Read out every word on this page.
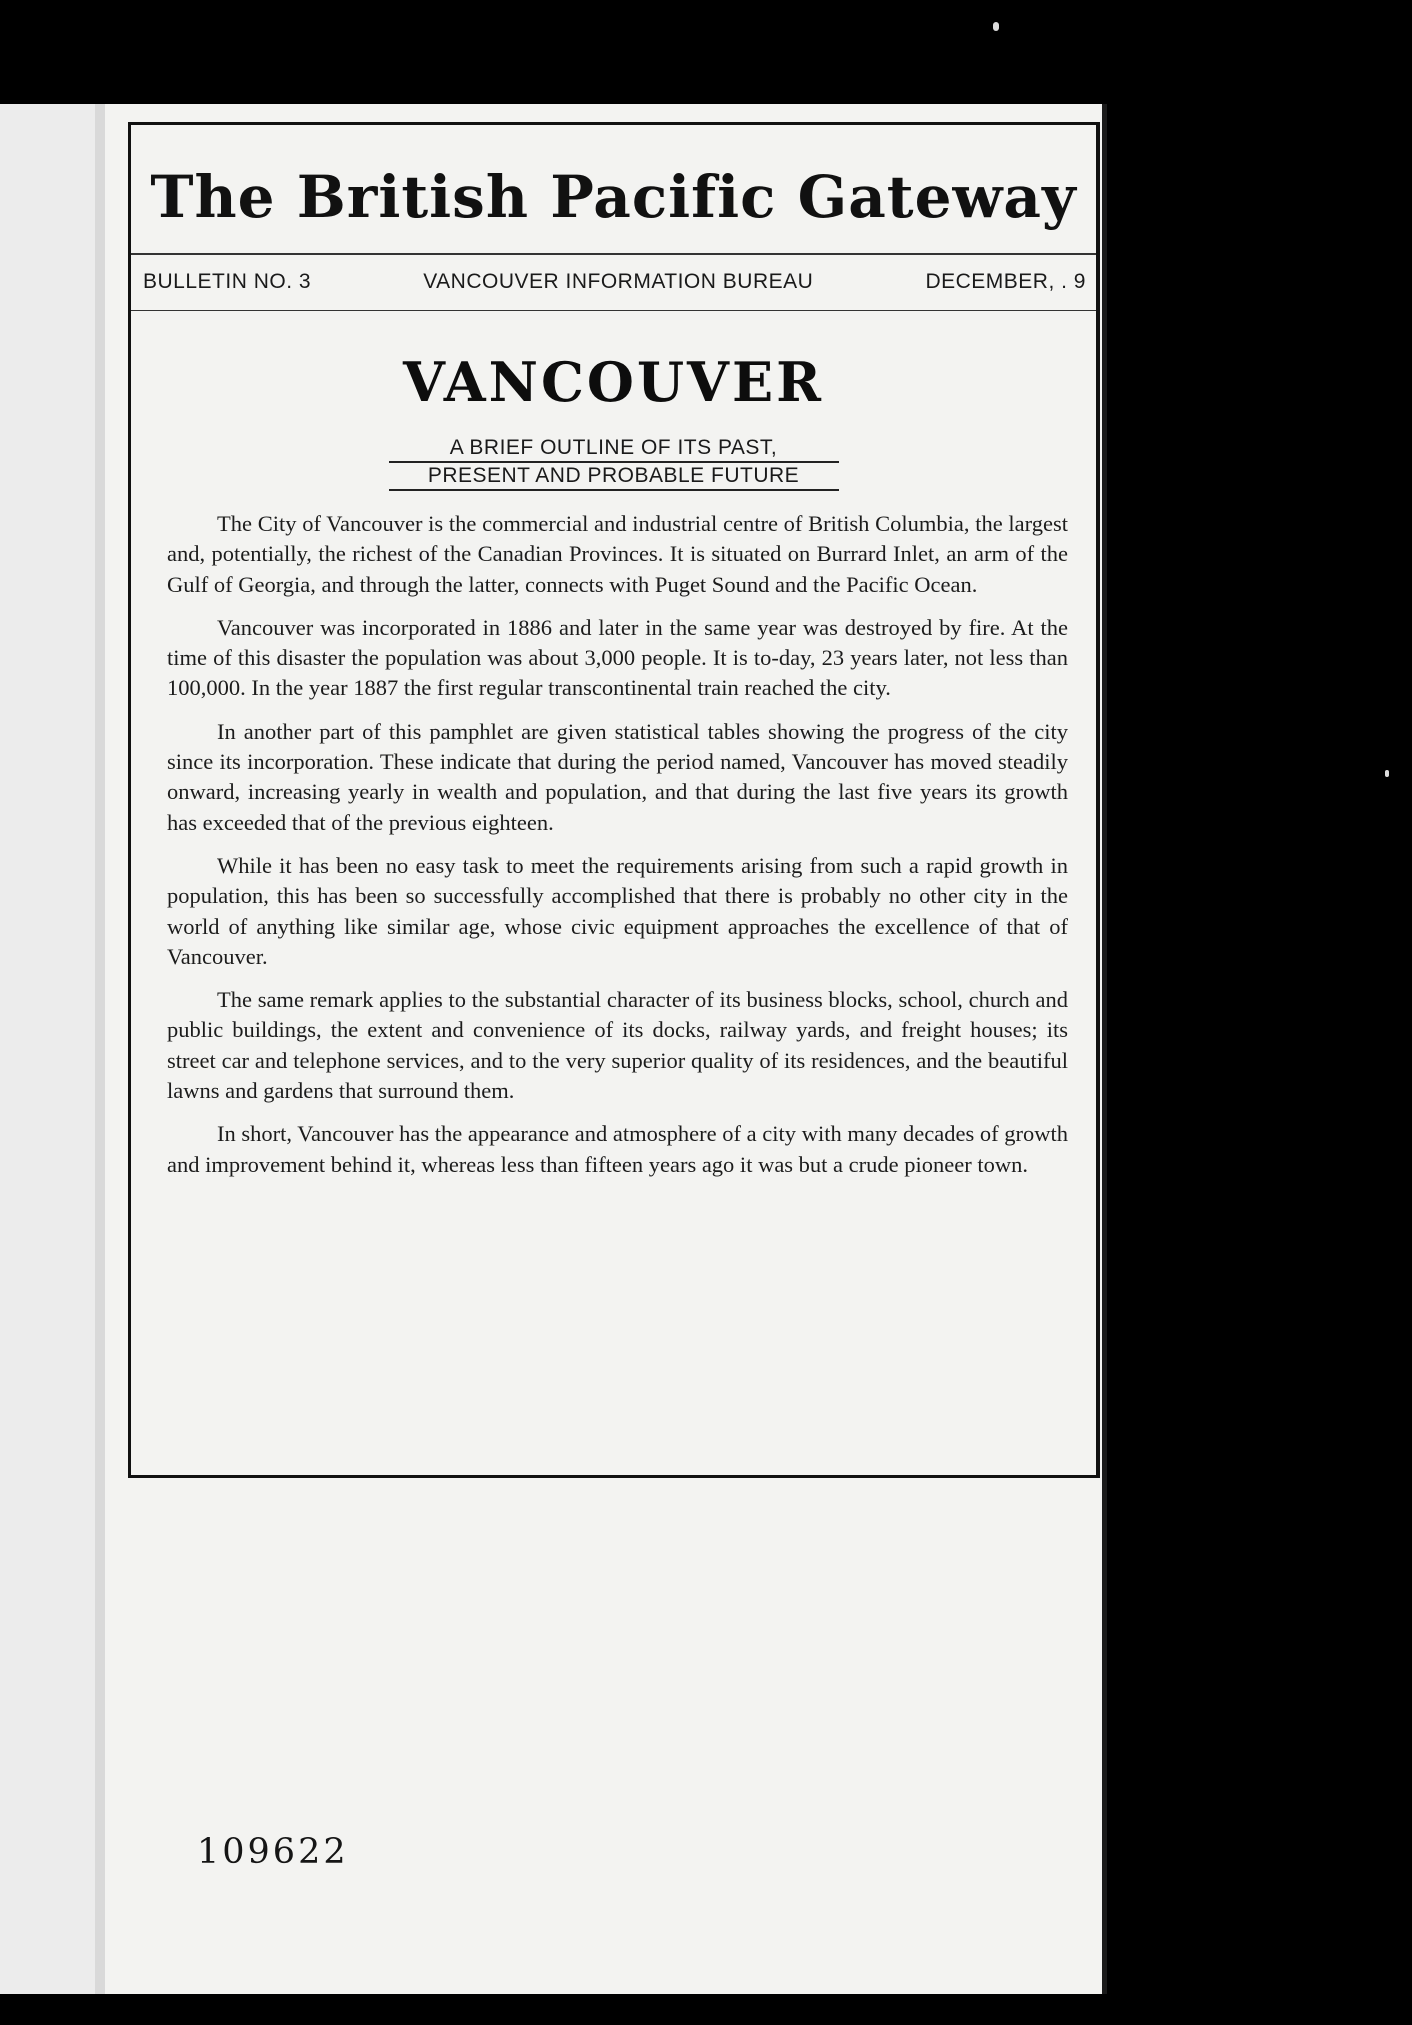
The British Pacific Gateway
BULLETIN NO. 3	VANCOUVER INFORMATION BUREAU	DECEMBER, . 9
VANCOUVER
A BRIEF OUTLINE OF ITS PAST,
PRESENT AND PROBABLE FUTURE

The City of Vancouver is the commercial and industrial centre of British Columbia, the largest and, potentially, the richest of the Canadian Provinces. It is situated on Burrard Inlet, an arm of the Gulf of Georgia, and through the latter, connects with Puget Sound and the Pacific Ocean.

Vancouver was incorporated in 1886 and later in the same year was destroyed by fire. At the time of this disaster the population was about 3,000 people. It is to-day, 23 years later, not less than 100,000. In the year 1887 the first regular transcontinental train reached the city.

In another part of this pamphlet are given statistical tables showing the progress of the city since its incorporation. These indicate that during the period named, Vancouver has moved steadily onward, increasing yearly in wealth and population, and that during the last five years its growth has exceeded that of the previous eighteen.

While it has been no easy task to meet the requirements arising from such a rapid growth in population, this has been so successfully accomplished that there is probably no other city in the world of anything like similar age, whose civic equipment approaches the excellence of that of Vancouver.

The same remark applies to the substantial character of its business blocks, school, church and public buildings, the extent and convenience of its docks, railway yards, and freight houses; its street car and telephone services, and to the very superior quality of its residences, and the beautiful lawns and gardens that surround them.

In short, Vancouver has the appearance and atmosphere of a city with many decades of growth and improvement behind it, whereas less than fifteen years ago it was but a crude pioneer town.

109622
